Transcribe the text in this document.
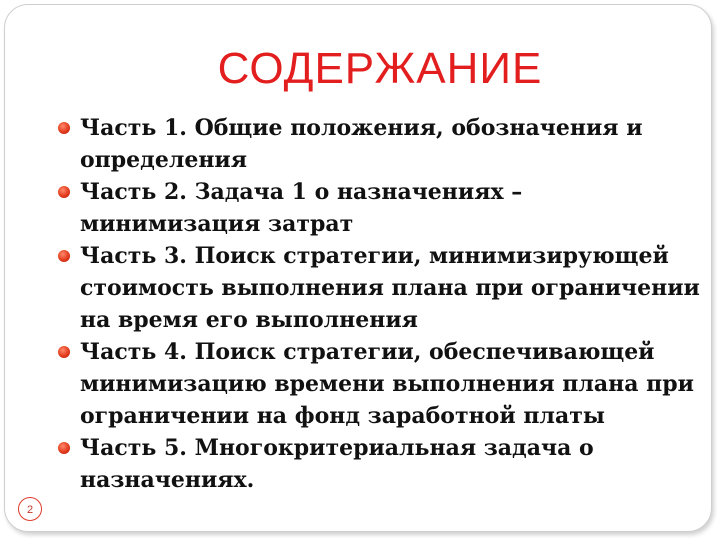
СОДЕРЖАНИЕ
Часть 1. Общие положения, обозначения и определения
Часть 2. Задача 1 о назначениях – минимизация затрат
Часть 3. Поиск стратегии, минимизирующей стоимость выполнения плана при ограничении на время его выполнения
Часть 4. Поиск стратегии, обеспечивающей минимизацию времени выполнения плана при ограничении на фонд заработной платы
Часть 5. Многокритериальная задача о назначениях.
2
